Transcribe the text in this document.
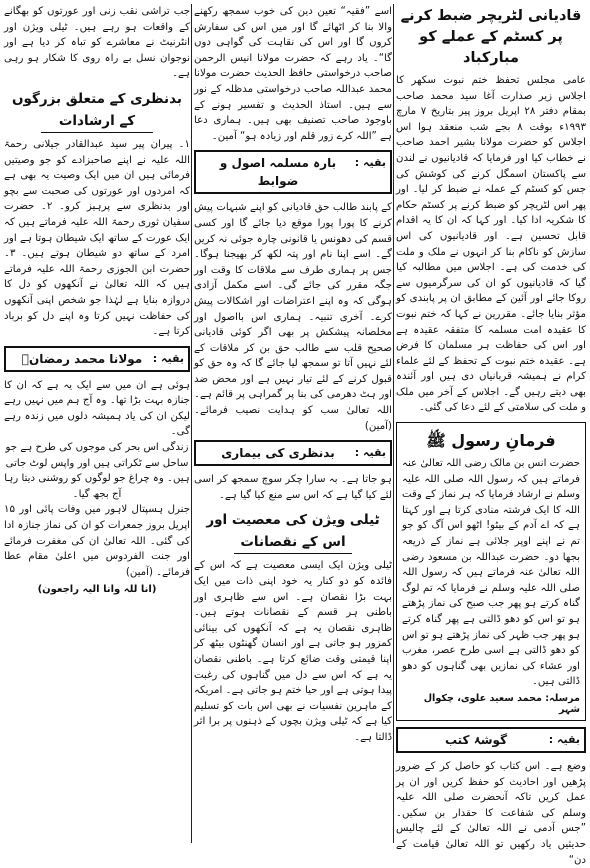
قادیانی لٹریچر ضبط کرنے پر کسٹم کے عملے کو مبارکباد

عامی مجلس تحفظ ختم نبوت سکھر کا اجلاس زیر صدارت آغا سید محمد صاحب بمقام دفتر ۲۸ اپریل بروز پیر بتاریخ ۷ مارچ ۱۹۹۳ء بوقت ۸ بجے شب منعقد ہوا اس اجلاس کو حضرت مولانا بشیر احمد صاحب نے خطاب کیا اور فرمایا کہ قادیانیوں نے لندن سے پاکستان اسمگل کرنے کی کوشش کی جس کو کسٹم کے عملہ نے ضبط کر لیا۔ اور پھر اس لٹریچر کو ضبط کرنے پر کسٹم حکام کا شکریہ ادا کیا۔ اور کہا کہ ان کا یہ اقدام قابل تحسین ہے۔ اور قادیانیوں کی اس سازش کو ناکام بنا کر انہوں نے ملک و ملت کی خدمت کی ہے۔ اجلاس میں مطالبہ کیا گیا کہ قادیانیوں کو ان کی سرگرمیوں سے روکا جائے اور آئین کے مطابق ان پر پابندی کو مؤثر بنایا جائے۔ مقررین نے کہا کہ ختم نبوت کا عقیدہ امت مسلمہ کا متفقہ عقیدہ ہے اور اس کی حفاظت ہر مسلمان کا فرض ہے۔ عقیدہ ختم نبوت کے تحفظ کے لئے علماء کرام نے ہمیشہ قربانیاں دی ہیں اور آئندہ بھی دیتے رہیں گے۔ اجلاس کے آخر میں ملک و ملت کی سلامتی کے لئے دعا کی گئی۔

فرمانِ رسول ﷺ

حضرت انس بن مالک رضی اللہ تعالیٰ عنہ فرماتے ہیں کہ رسول اللہ صلی اللہ علیہ وسلم نے ارشاد فرمایا کہ ہر نماز کے وقت اللہ کا ایک فرشتہ منادی کرتا ہے اور کہتا ہے کہ اے آدم کے بیٹو! اٹھو اس آگ کو جو تم نے اپنے اوپر جلائی ہے نماز کے ذریعہ بجھا دو۔ حضرت عبداللہ بن مسعود رضی اللہ تعالیٰ عنہ فرماتے ہیں کہ رسول اللہ صلی اللہ علیہ وسلم نے فرمایا کہ تم لوگ گناہ کرتے ہو پھر جب صبح کی نماز پڑھتے ہو تو اس کو دھو ڈالتی ہے پھر گناہ کرتے ہو پھر جب ظہر کی نماز پڑھتے ہو تو اس کو دھو ڈالتی ہے اسی طرح عصر، مغرب اور عشاء کی نمازیں بھی گناہوں کو دھو ڈالتی ہیں۔

مرسلہ: محمد سعید علوی، چکوال شہر
بقیہ :
گوشۂ کتب

وضع ہے۔ اس کتاب کو حاصل کر کے ضرور پڑھیں اور احادیث کو حفظ کریں اور ان پر عمل کریں تاکہ آنحضرت صلی اللہ علیہ وسلم کی شفاعت کا حقدار بن سکیں۔ ”جس آدمی نے اللہ تعالیٰ کے لئے چالیس حدیثیں یاد رکھیں تو اللہ تعالیٰ قیامت کے دن“

اسے ”فقیہ“ تعین دین کی خوب سمجھ رکھنے والا بنا کر اٹھائے گا اور میں اس کی سفارش کروں گا اور اس کی نقاہت کی گواہی دوں گا“۔ یاد رہے کہ حضرت مولانا انیس الرحمن صاحب درخواستی حافظ الحدیث حضرت مولانا محمد عبداللہ صاحب درخواستی مدظلہ کے نور سے ہیں۔ استاذ الحدیث و تفسیر ہونے کے باوجود صاحب تصنیف بھی ہیں۔ ہماری دعا ہے ”اللہ کرے زور قلم اور زیادہ ہو“ آمین۔

بقیہ :
بارہ مسلمہ اصول و ضوابط

کے پابند طالب حق قادیانی کو اپنے شبہات پیش کرنے کا پورا پورا موقع دیا جائے گا اور کسی قسم کی دھونس یا قانونی چارہ جوئی نہ کریں گے۔ اسے اپنا نام اور پتہ لکھ کر بھیجنا ہوگا۔ جس پر ہماری طرف سے ملاقات کا وقت اور جگہ مقرر کی جائے گی۔ اسے مکمل آزادی ہوگی کہ وہ اپنے اعتراضات اور اشکالات پیش کرے۔ آخری تنبیہ۔ ہماری اس بااصول اور مخلصانہ پیشکش پر بھی اگر کوئی قادیانی صحیح قلب سے طالب حق بن کر ملاقات کے لئے نہیں آتا تو سمجھ لیا جائے گا کہ وہ حق کو قبول کرنے کے لئے تیار نہیں ہے اور محض ضد اور ہٹ دھرمی کی بنا پر گمراہی پر قائم ہے۔ اللہ تعالیٰ سب کو ہدایت نصیب فرمائے۔ (آمین)

بقیہ :
بدنظری کی بیماری

ہو جاتا ہے۔ بہ سارا چکر سوچ سمجھ کر اسی لئے کیا گیا ہے کہ اس سے منع کیا گیا ہے۔

ٹیلی ویژن کی معصیت اور اس کے نقصانات

ٹیلی ویژن ایک ایسی معصیت ہے کہ اس کے فائدہ کو دو کنار یہ خود اپنی ذات میں ایک بہت بڑا نقصان ہے۔ اس سے ظاہری اور باطنی ہر قسم کے نقصانات ہوتے ہیں۔ ظاہری نقصان یہ ہے کہ آنکھوں کی بینائی کمزور ہو جاتی ہے اور انسان گھنٹوں بیٹھ کر اپنا قیمتی وقت ضائع کرتا ہے۔ باطنی نقصان یہ ہے کہ اس سے دل میں گناہوں کی رغبت پیدا ہوتی ہے اور حیا ختم ہو جاتی ہے۔ امریکہ کے ماہرین نفسیات نے بھی اس بات کو تسلیم کیا ہے کہ ٹیلی ویژن بچوں کے ذہنوں پر برا اثر ڈالتا ہے۔

جب تراشی نقب زنی اور عورتوں کو بھگانے کے واقعات ہو رہے ہیں۔ ٹیلی ویژن اور انٹرنیٹ نے معاشرے کو تباہ کر دیا ہے اور نوجوان نسل بے راہ روی کا شکار ہو رہی ہے۔

بدنظری کے متعلق بزرگوں کے ارشادات

۱۔ پیران پیر سید عبدالقادر جیلانی رحمۃ اللہ علیہ نے اپنے صاحبزادے کو جو وصیتیں فرمائی ہیں ان میں ایک وصیت یہ بھی ہے کہ امردوں اور عورتوں کی صحبت سے بچو اور بدنظری سے پرہیز کرو۔ ۲۔ حضرت سفیان ثوری رحمۃ اللہ علیہ فرماتے ہیں کہ ایک عورت کے ساتھ ایک شیطان ہوتا ہے اور امرد کے ساتھ دو شیطان ہوتے ہیں۔ ۳۔ حضرت ابن الجوزی رحمۃ اللہ علیہ فرماتے ہیں کہ اللہ تعالیٰ نے آنکھوں کو دل کا دروازہ بنایا ہے لہٰذا جو شخص اپنی آنکھوں کی حفاظت نہیں کرتا وہ اپنے دل کو برباد کرتا ہے۔

بقیہ :
مولانا محمد رمضانؒ

ہوئی ہے ان میں سے ایک یہ ہے کہ ان کا جنازہ بہت بڑا تھا۔ وہ آج ہم میں نہیں رہے لیکن ان کی یاد ہمیشہ دلوں میں زندہ رہے گی۔

زندگی اس بحر کی موجوں کی طرح ہے جو ساحل سے ٹکراتی ہیں اور واپس لوٹ جاتی ہیں۔ وہ چراغ جو لوگوں کو روشنی دیتا رہا آج بجھ گیا۔

جنرل ہسپتال لاہور میں وفات پائی اور ۱۵ اپریل بروز جمعرات کو ان کی نماز جنازہ ادا کی گئی۔ اللہ تعالیٰ ان کی مغفرت فرمائے اور جنت الفردوس میں اعلیٰ مقام عطا فرمائے۔ (آمین)

(انا للہ وانا الیہ راجعون)
